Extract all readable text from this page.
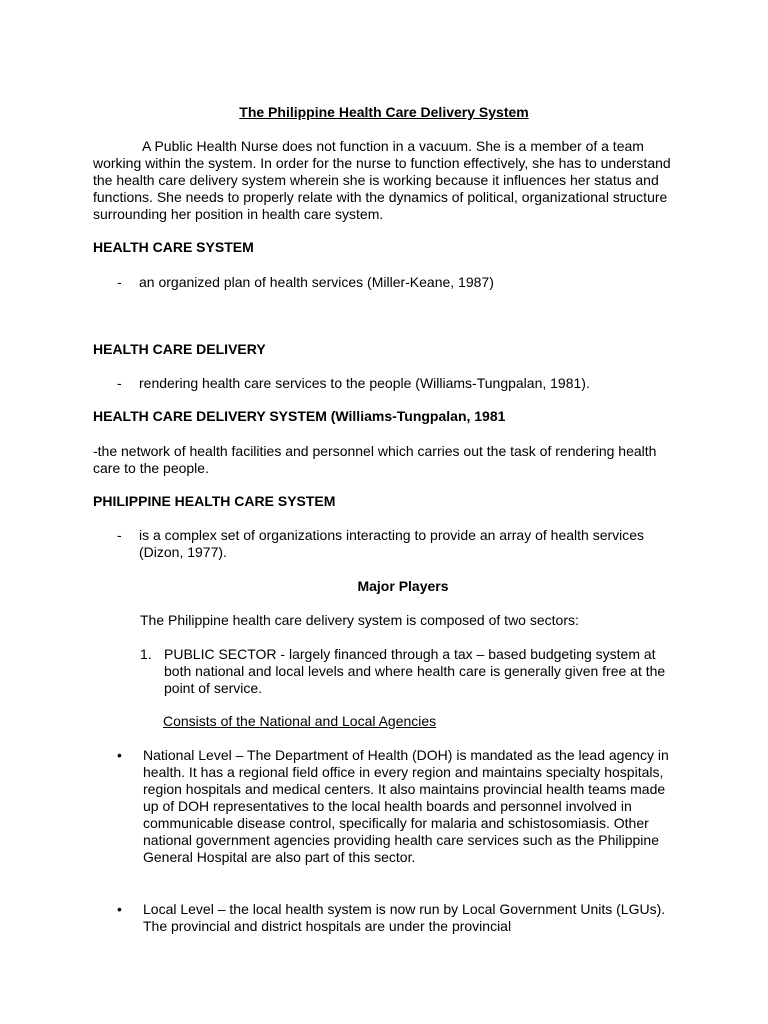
The Philippine Health Care Delivery System

A Public Health Nurse does not function in a vacuum. She is a member of a team working within the system. In order for the nurse to function effectively, she has to understand the health care delivery system wherein she is working because it influences her status and functions. She needs to properly relate with the dynamics of political, organizational structure surrounding her position in health care system.

HEALTH CARE SYSTEM

- an organized plan of health services (Miller-Keane, 1987)

HEALTH CARE DELIVERY

- rendering health care services to the people (Williams-Tungpalan, 1981).

HEALTH CARE DELIVERY SYSTEM (Williams-Tungpalan, 1981

-the network of health facilities and personnel which carries out the task of rendering health care to the people.

PHILIPPINE HEALTH CARE SYSTEM

- is a complex set of organizations interacting to provide an array of health services (Dizon, 1977).

Major Players

The Philippine health care delivery system is composed of two sectors:

1. PUBLIC SECTOR - largely financed through a tax – based budgeting system at both national and local levels and where health care is generally given free at the point of service.

Consists of the National and Local Agencies

• National Level – The Department of Health (DOH) is mandated as the lead agency in health. It has a regional field office in every region and maintains specialty hospitals, region hospitals and medical centers. It also maintains provincial health teams made up of DOH representatives to the local health boards and personnel involved in communicable disease control, specifically for malaria and schistosomiasis. Other national government agencies providing health care services such as the Philippine General Hospital are also part of this sector.
• Local Level – the local health system is now run by Local Government Units (LGUs). The provincial and district hospitals are under the provincial
